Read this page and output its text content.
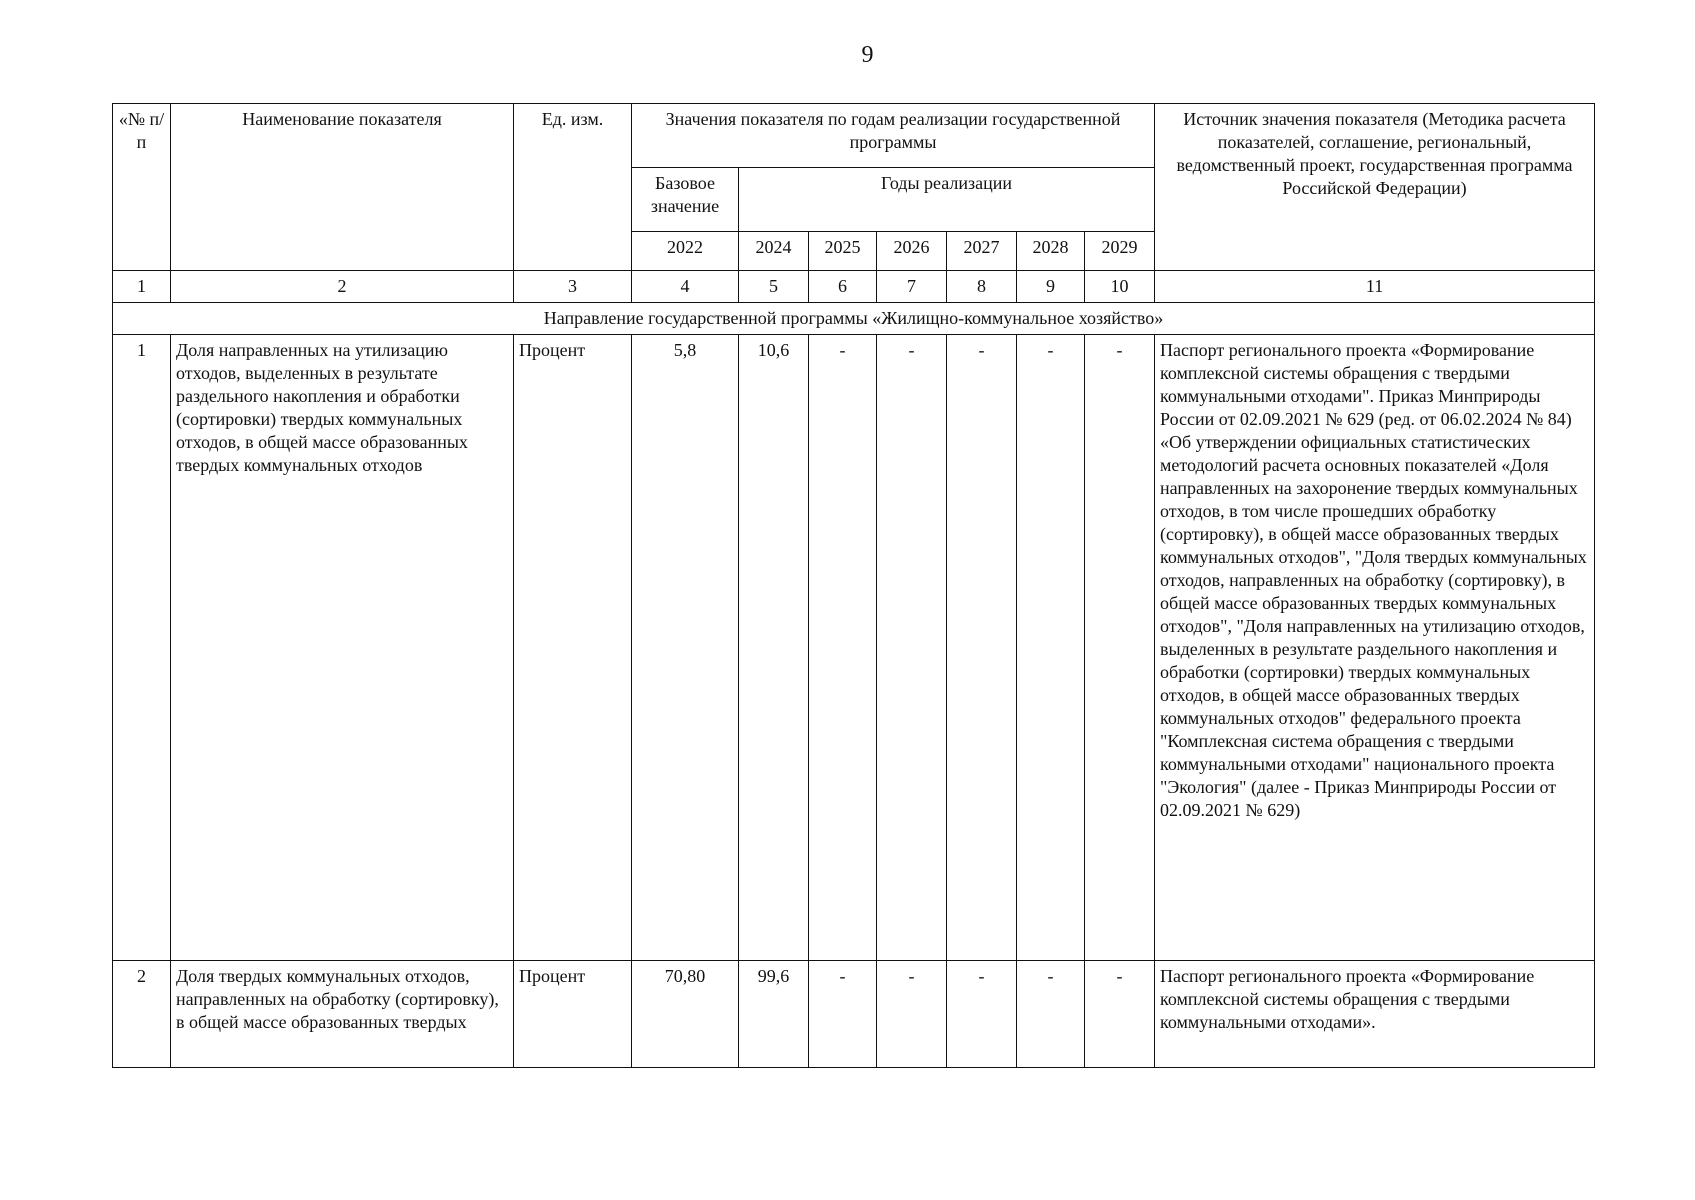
9
«№ п/п	Наименование показателя	Ед. изм.	Значения показателя по годам реализации государственной программы							Источник значения показателя (Методика расчета показателей, соглашение, региональный, ведомственный проект, государственная программа Российской Федерации)
			Базовое значение	Годы реализации						
			2022	2024	2025	2026	2027	2028	2029	
1	2	3	4	5	6	7	8	9	10	11
Направление государственной программы «Жилищно-коммунальное хозяйство»										
1	Доля направленных на утилизацию отходов, выделенных в результате раздельного накопления и обработки (сортировки) твердых коммунальных отходов, в общей массе образованных твердых коммунальных отходов	Процент	5,8	10,6	-	-	-	-	-	Паспорт регионального проекта «Формирование комплексной системы обращения с твердыми коммунальными отходами". Приказ Минприроды России от 02.09.2021 № 629 (ред. от 06.02.2024 № 84) «Об утверждении официальных статистических методологий расчета основных показателей «Доля направленных на захоронение твердых коммунальных отходов, в том числе прошедших обработку (сортировку), в общей массе образованных твердых коммунальных отходов", "Доля твердых коммунальных отходов, направленных на обработку (сортировку), в общей массе образованных твердых коммунальных отходов", "Доля направленных на утилизацию отходов, выделенных в результате раздельного накопления и обработки (сортировки) твердых коммунальных отходов, в общей массе образованных твердых коммунальных отходов" федерального проекта "Комплексная система обращения с твердыми коммунальными отходами" национального проекта "Экология" (далее - Приказ Минприроды России от 02.09.2021 № 629)
2	Доля твердых коммунальных отходов, направленных на обработку (сортировку), в общей массе образованных твердых	Процент	70,80	99,6	-	-	-	-	-	Паспорт регионального проекта «Формирование комплексной системы обращения с твердыми коммунальными отходами».
